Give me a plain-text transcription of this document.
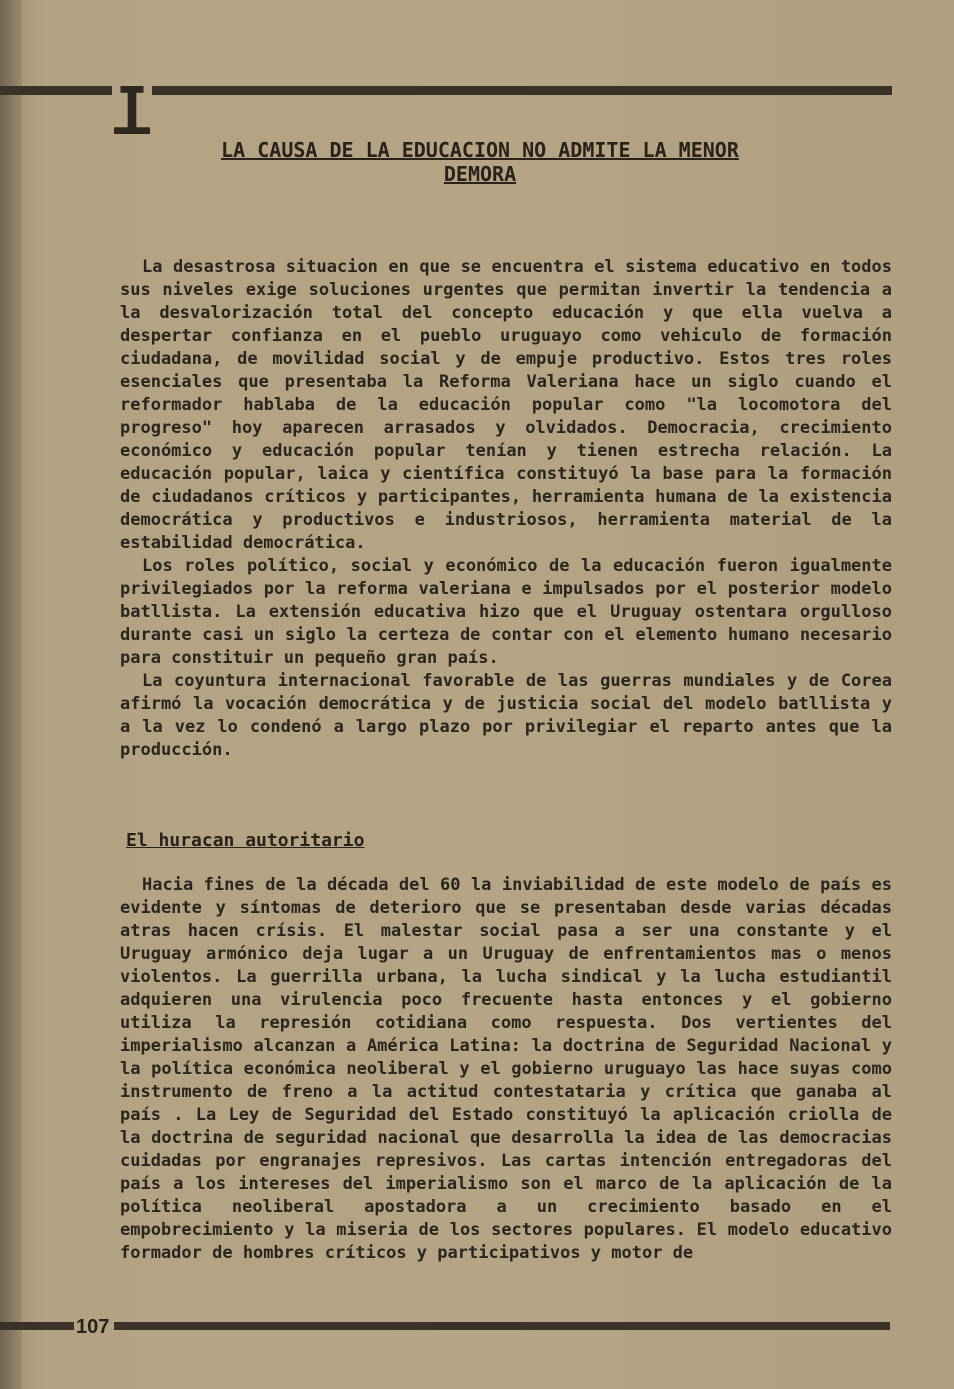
LA CAUSA DE LA EDUCACION NO ADMITE LA MENOR DEMORA

La desastrosa situacion en que se encuentra el sistema educativo en todos sus niveles exige soluciones urgentes que permitan invertir la tendencia a la desvalorización total del concepto educación y que ella vuelva a despertar confianza en el pueblo uruguayo como vehiculo de formación ciudadana, de movilidad social y de empuje productivo. Estos tres roles esenciales que presentaba la Reforma Valeriana hace un siglo cuando el reformador hablaba de la educación popular como "la locomotora del progreso" hoy aparecen arrasados y olvidados. Democracia, crecimiento económico y educación popular tenían y tienen estrecha relación. La educación popular, laica y científica constituyó la base para la formación de ciudadanos críticos y participantes, herramienta humana de la existencia democrática y productivos e industriosos, herramienta material de la estabilidad democrática.

Los roles político, social y económico de la educación fueron igualmente privilegiados por la reforma valeriana e impulsados por el posterior modelo batllista. La extensión educativa hizo que el Uruguay ostentara orgulloso durante casi un siglo la certeza de contar con el elemento humano necesario para constituir un pequeño gran país.

La coyuntura internacional favorable de las guerras mundiales y de Corea afirmó la vocación democrática y de justicia social del modelo batllista y a la vez lo condenó a largo plazo por privilegiar el reparto antes que la producción.

El huracan autoritario

Hacia fines de la década del 60 la inviabilidad de este modelo de país es evidente y síntomas de deterioro que se presentaban desde varias décadas atras hacen crísis. El malestar social pasa a ser una constante y el Uruguay armónico deja lugar a un Uruguay de enfrentamientos mas o menos violentos. La guerrilla urbana, la lucha sindical y la lucha estudiantil adquieren una virulencia poco frecuente hasta entonces y el gobierno utiliza la represión cotidiana como respuesta. Dos vertientes del imperialismo alcanzan a América Latina: la doctrina de Seguridad Nacional y la política económica neoliberal y el gobierno uruguayo las hace suyas como instrumento de freno a la actitud contestataria y crítica que ganaba al país . La Ley de Seguridad del Estado constituyó la aplicación criolla de la doctrina de seguridad nacional que desarrolla la idea de las democracias cuidadas por engranajes represivos. Las cartas intención entregadoras del país a los intereses del imperialismo son el marco de la aplicación de la política neoliberal apostadora a un crecimiento basado en el empobrecimiento y la miseria de los sectores populares. El modelo educativo formador de hombres críticos y participativos y motor de

107
